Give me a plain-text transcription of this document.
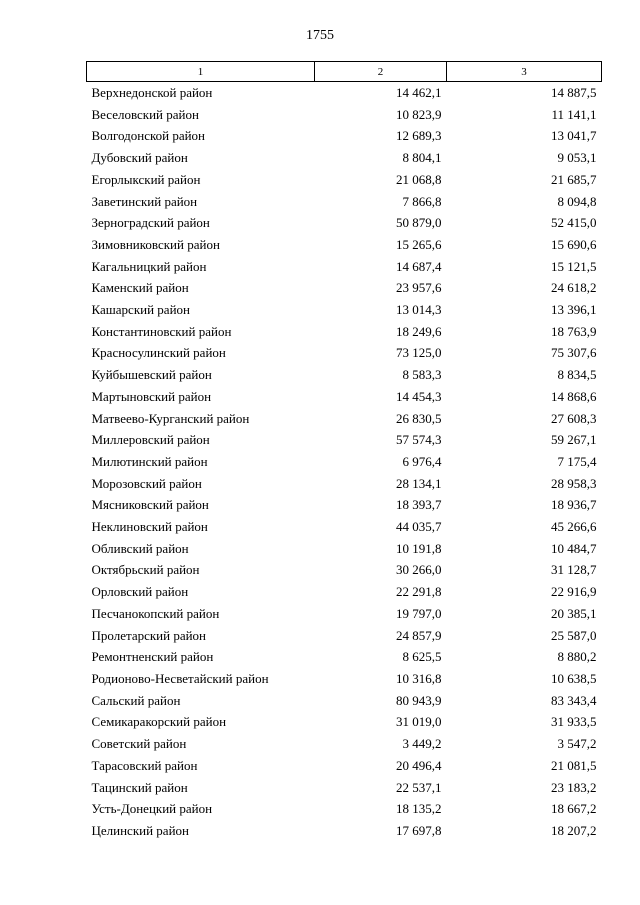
1755
1	2	3
Верхнедонской район	14 462,1	14 887,5
Веселовский район	10 823,9	11 141,1
Волгодонской район	12 689,3	13 041,7
Дубовский район	8 804,1	9 053,1
Егорлыкский район	21 068,8	21 685,7
Заветинский район	7 866,8	8 094,8
Зерноградский район	50 879,0	52 415,0
Зимовниковский район	15 265,6	15 690,6
Кагальницкий район	14 687,4	15 121,5
Каменский район	23 957,6	24 618,2
Кашарский район	13 014,3	13 396,1
Константиновский район	18 249,6	18 763,9
Красносулинский район	73 125,0	75 307,6
Куйбышевский район	8 583,3	8 834,5
Мартыновский район	14 454,3	14 868,6
Матвеево-Курганский район	26 830,5	27 608,3
Миллеровский район	57 574,3	59 267,1
Милютинский район	6 976,4	7 175,4
Морозовский район	28 134,1	28 958,3
Мясниковский район	18 393,7	18 936,7
Неклиновский район	44 035,7	45 266,6
Обливский район	10 191,8	10 484,7
Октябрьский район	30 266,0	31 128,7
Орловский район	22 291,8	22 916,9
Песчанокопский район	19 797,0	20 385,1
Пролетарский район	24 857,9	25 587,0
Ремонтненский район	8 625,5	8 880,2
Родионово-Несветайский район	10 316,8	10 638,5
Сальский район	80 943,9	83 343,4
Семикаракорский район	31 019,0	31 933,5
Советский район	3 449,2	3 547,2
Тарасовский район	20 496,4	21 081,5
Тацинский район	22 537,1	23 183,2
Усть-Донецкий район	18 135,2	18 667,2
Целинский район	17 697,8	18 207,2
